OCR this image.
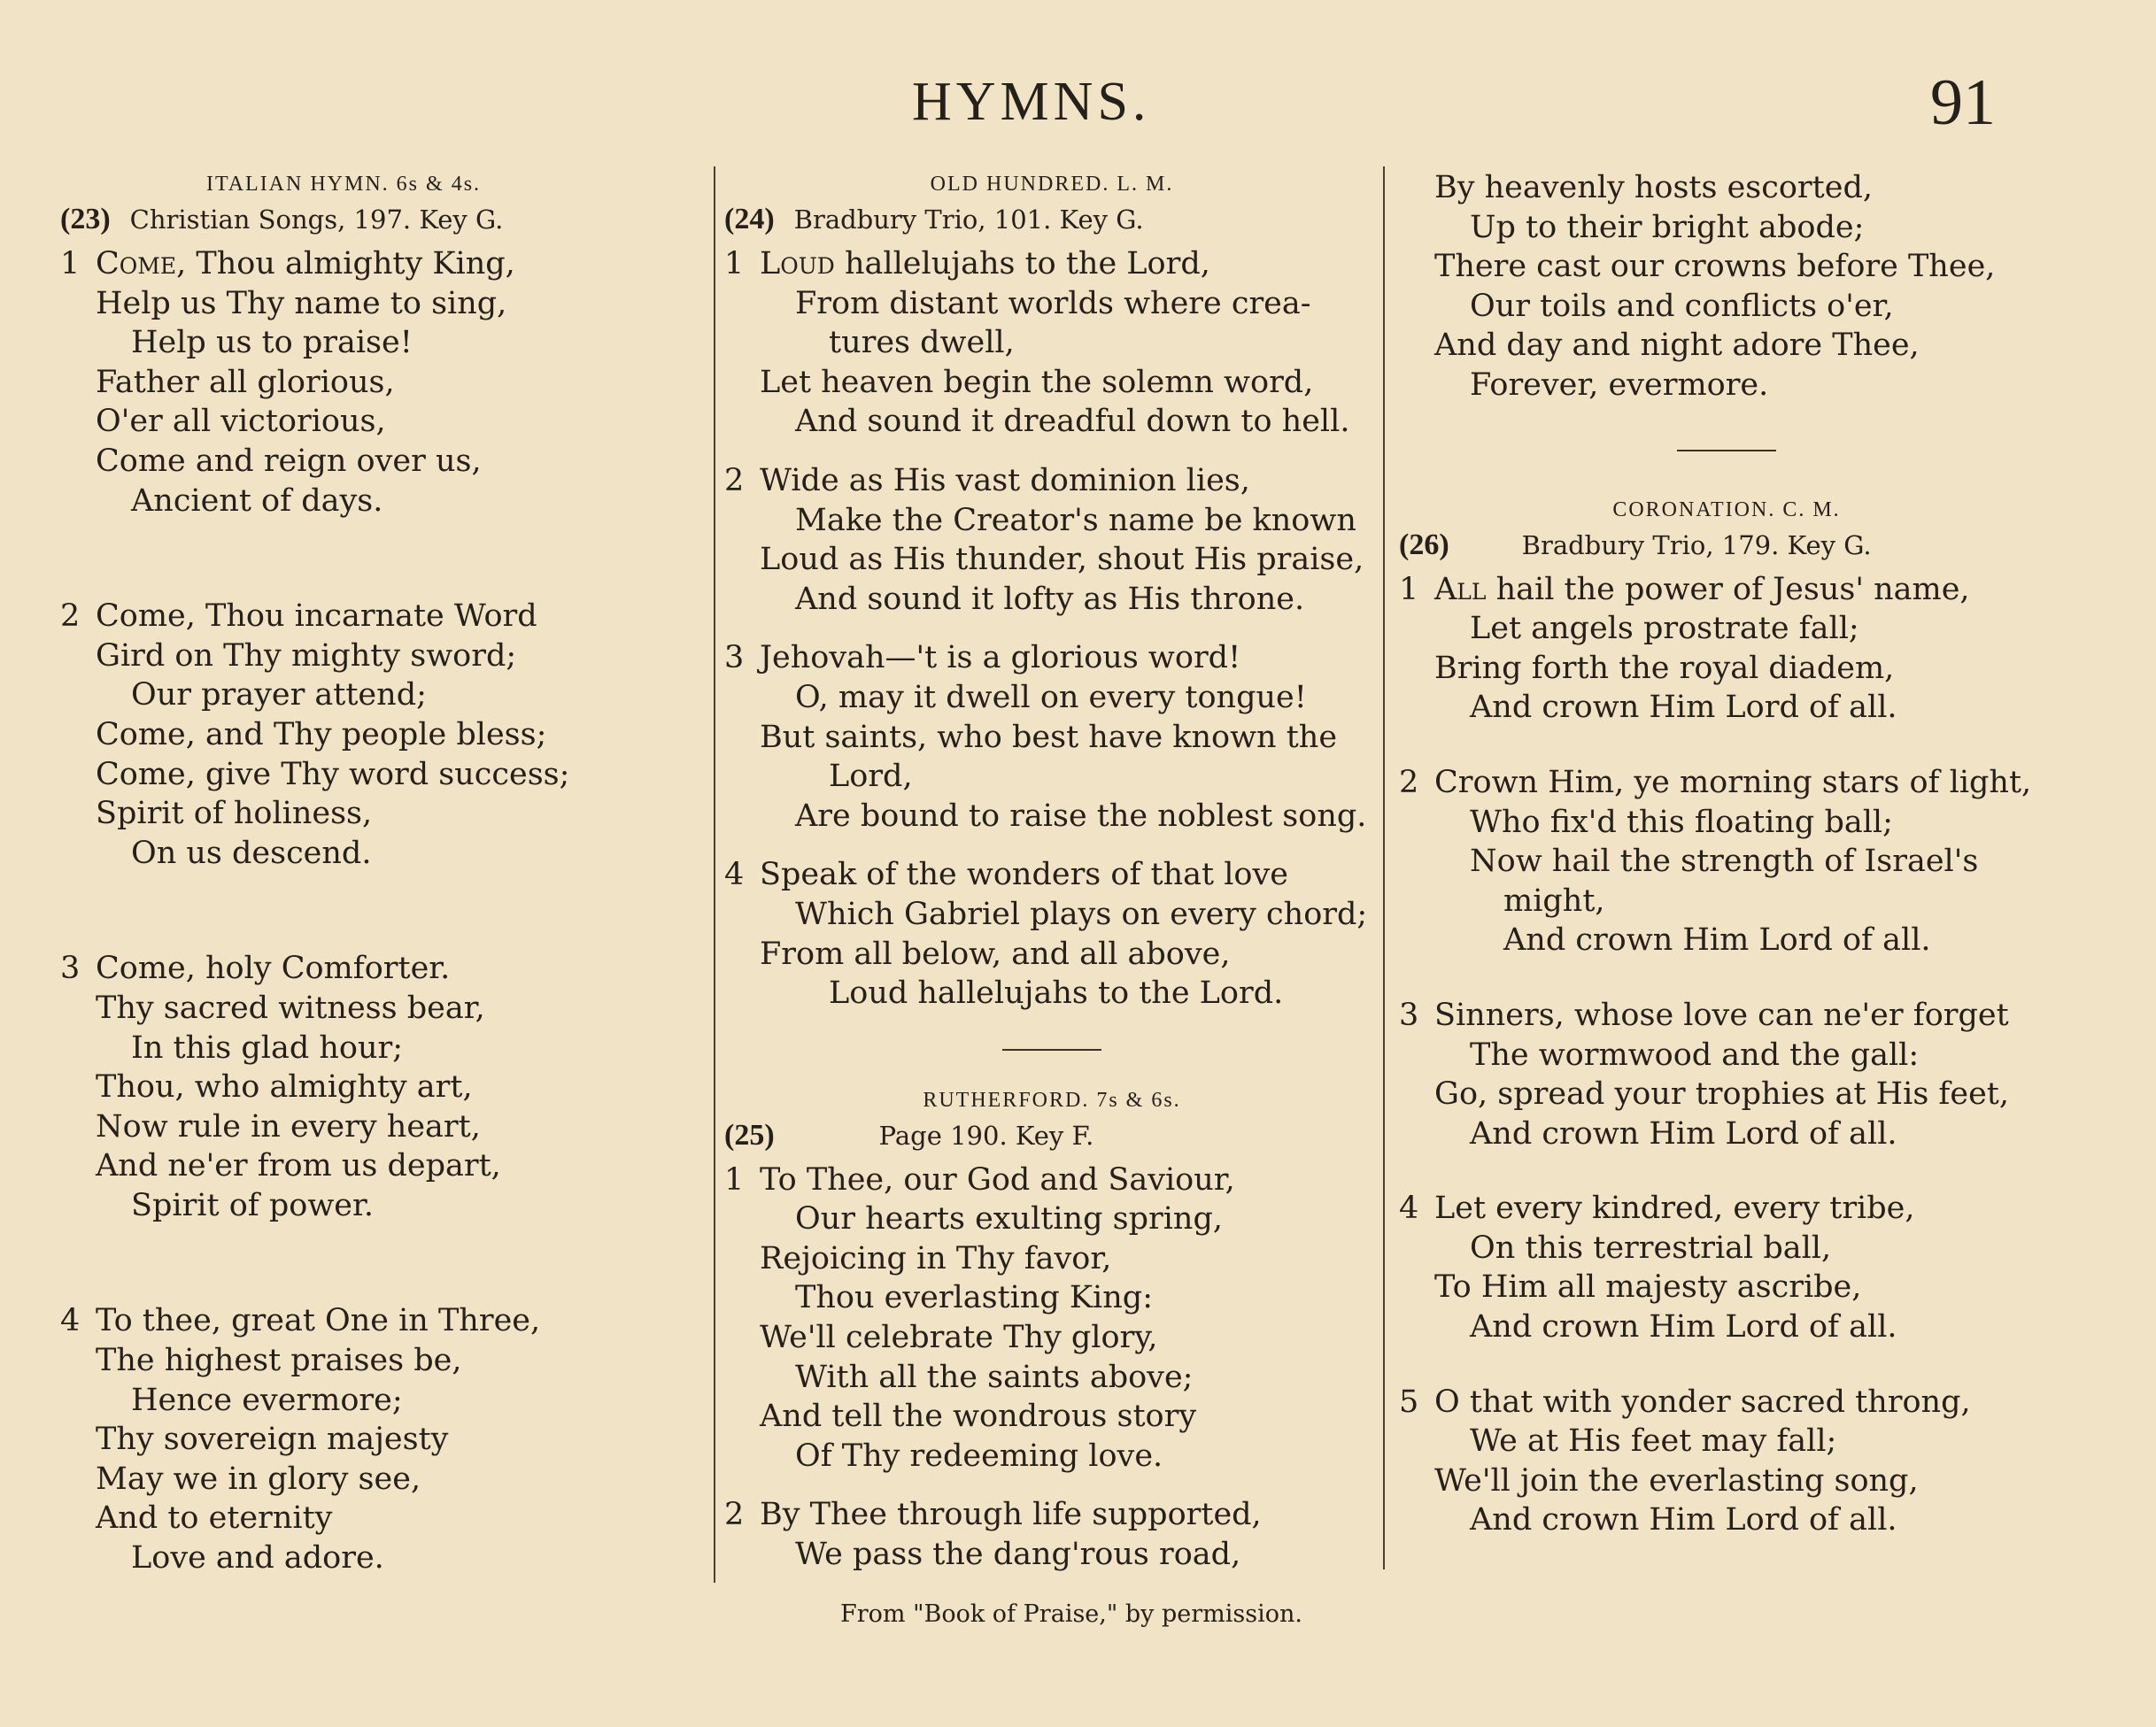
HYMNS.	91
ITALIAN HYMN. 6s & 4s.
(23) Christian Songs, 197. Key G.
1 Come, Thou almighty King,
Help us Thy name to sing,
Help us to praise!
Father all glorious,
O'er all victorious,
Come and reign over us,
Ancient of days.
2 Come, Thou incarnate Word
Gird on Thy mighty sword;
Our prayer attend;
Come, and Thy people bless;
Come, give Thy word success;
Spirit of holiness,
On us descend.
3 Come, holy Comforter.
Thy sacred witness bear,
In this glad hour;
Thou, who almighty art,
Now rule in every heart,
And ne'er from us depart,
Spirit of power.
4 To thee, great One in Three,
The highest praises be,
Hence evermore;
Thy sovereign majesty
May we in glory see,
And to eternity
Love and adore.
OLD HUNDRED. L. M.
(24) Bradbury Trio, 101. Key G.
1 Loud hallelujahs to the Lord,
From distant worlds where crea-
tures dwell,
Let heaven begin the solemn word,
And sound it dreadful down to hell.
2 Wide as His vast dominion lies,
Make the Creator's name be known
Loud as His thunder, shout His praise,
And sound it lofty as His throne.
3 Jehovah—'t is a glorious word!
O, may it dwell on every tongue!
But saints, who best have known the
Lord,
Are bound to raise the noblest song.
4 Speak of the wonders of that love
Which Gabriel plays on every chord;
From all below, and all above,
Loud hallelujahs to the Lord.
RUTHERFORD. 7s & 6s.
(25)	Page 190. Key F.
1 To Thee, our God and Saviour,
Our hearts exulting spring,
Rejoicing in Thy favor,
Thou everlasting King:
We'll celebrate Thy glory,
With all the saints above;
And tell the wondrous story
Of Thy redeeming love.
2 By Thee through life supported,
We pass the dang'rous road,
By heavenly hosts escorted,
Up to their bright abode;
There cast our crowns before Thee,
Our toils and conflicts o'er,
And day and night adore Thee,
Forever, evermore.
CORONATION. C. M.
(26)	Bradbury Trio, 179. Key G.
1 All hail the power of Jesus' name,
Let angels prostrate fall;
Bring forth the royal diadem,
And crown Him Lord of all.
2 Crown Him, ye morning stars of light,
Who fix'd this floating ball;
Now hail the strength of Israel's
might,
And crown Him Lord of all.
3 Sinners, whose love can ne'er forget
The wormwood and the gall:
Go, spread your trophies at His feet,
And crown Him Lord of all.
4 Let every kindred, every tribe,
On this terrestrial ball,
To Him all majesty ascribe,
And crown Him Lord of all.
5 O that with yonder sacred throng,
We at His feet may fall;
We'll join the everlasting song,
And crown Him Lord of all.
From "Book of Praise," by permission.
